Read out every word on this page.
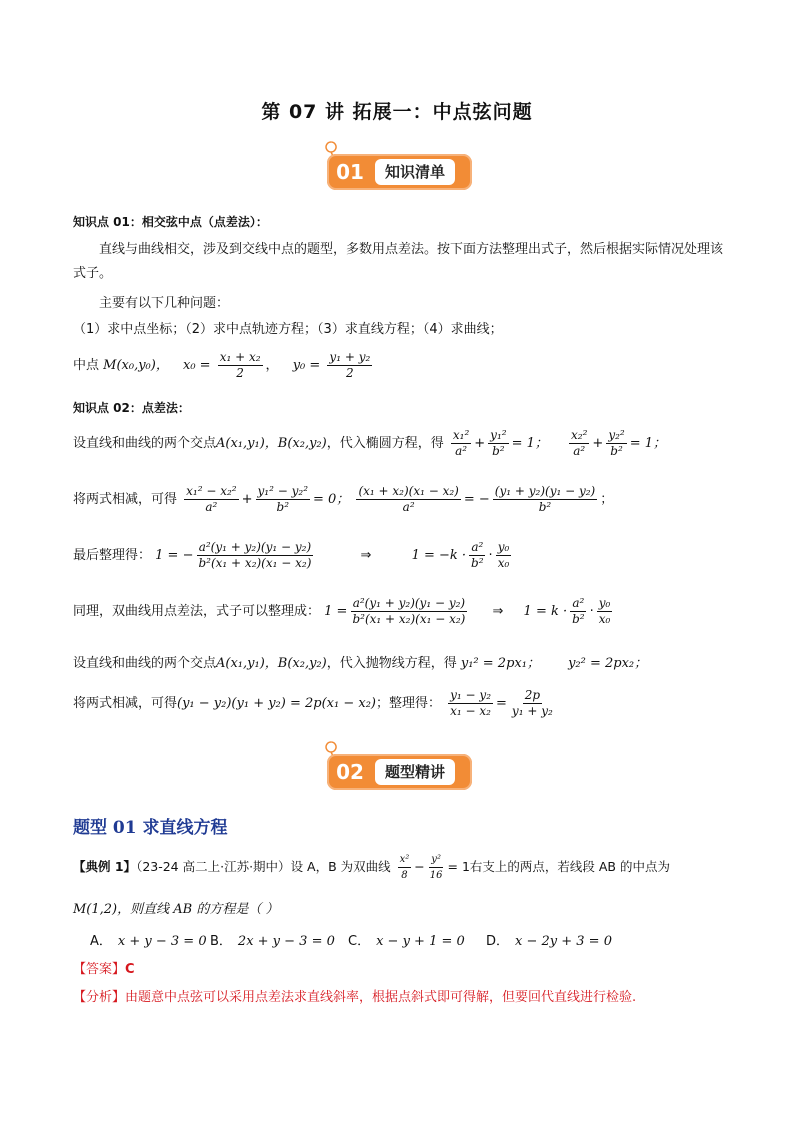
第 07 讲 拓展一：中点弦问题
01	知识清单
知识点 01：相交弦中点（点差法）：
直线与曲线相交，涉及到交线中点的题型，多数用点差法。按下面方法整理出式子，然后根据实际情况处理该式子。
主要有以下几种问题：
（1）求中点坐标；（2）求中点轨迹方程；（3）求直线方程；（4）求曲线；
中点 M(x₀,y₀)， $x_0 = \frac{\text{x₁ + x₂}}{2}$ ， $y_0 = \frac{\text{y₁ + y₂}}{2}$
知识点 02：点差法：
设直线和曲线的两个交点A(x₁,y₁)，B(x₂,y₂)，代入椭圆方程，得 $\frac{\text{x₁²}}{\text{a²}} + \frac{\text{y₁²}}{\text{b²}} = 1$； $\frac{\text{x₂²}}{\text{a²}} + \frac{\text{y₂²}}{\text{b²}} = 1$；
将两式相减，可得 $\frac{\text{x₁² − x₂²}}{\text{a²}} + \frac{\text{y₁² − y₂²}}{\text{b²}} = 0$； $\frac{\text{(x₁ + x₂)(x₁ − x₂)}}{\text{a²}}$ = − $\frac{\text{(y₁ + y₂)(y₁ − y₂)}}{\text{b²}}$ ；
最后整理得： 1 = − $\frac{\text{a²(y₁ + y₂)(y₁ − y₂)}}{\text{b²(x₁ + x₂)(x₁ − x₂)}}$	⇒	$1 = -k \cdot \frac{\text{a²}}{\text{b²}} \cdot \frac{\text{y₀}}{\text{x₀}}$
同理，双曲线用点差法，式子可以整理成： $1 = \frac{\text{a²(y₁ + y₂)(y₁ − y₂)}}{\text{b²(x₁ + x₂)(x₁ − x₂)}}$ ⇒ $1 = k \cdot \frac{\text{a²}}{\text{b²}} \cdot \frac{\text{y₀}}{\text{x₀}}$
设直线和曲线的两个交点A(x₁,y₁)，B(x₂,y₂)，代入抛物线方程，得 y₁² = 2px₁； y₂² = 2px₂；
将两式相减，可得(y₁ − y₂)(y₁ + y₂) = 2p(x₁ − x₂)；整理得： $\frac{\text{y₁ − y₂}}{\text{x₁ − x₂}} = \frac{2p}{\text{y₁ + y₂}}$
02	题型精讲
题型 01 求直线方程
【典例 1】（23-24 高二上·江苏·期中）设 A，B 为双曲线 $\frac{\text{x²}}{8} - \frac{\text{y²}}{16} = 1$右支上的两点，若线段 AB 的中点为
M(1,2)，则直线 AB 的方程是（ ）
A． x + y − 3 = 0 B． 2x + y − 3 = 0 C． x − y + 1 = 0 D． x − 2y + 3 = 0
【答案】C
【分析】由题意中点弦可以采用点差法求直线斜率，根据点斜式即可得解，但要回代直线进行检验.
